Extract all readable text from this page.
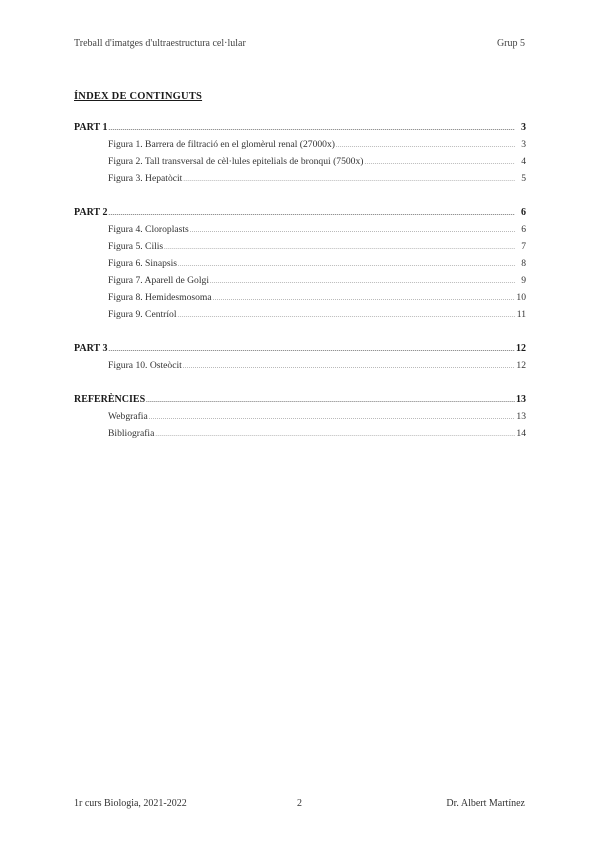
Treball d'imatges d'ultraestructura cel·lular	Grup 5
ÍNDEX DE CONTINGUTS
PART 1 .....	3
Figura 1. Barrera de filtració en el glomèrul renal (27000x) .....	3
Figura 2. Tall transversal de cèl·lules epitelials de bronqui (7500x) .....	4
Figura 3. Hepatòcit .....	5
PART 2 .....	6
Figura 4. Cloroplasts .....	6
Figura 5. Cilis .....	7
Figura 6. Sinapsis .....	8
Figura 7. Aparell de Golgi .....	9
Figura 8. Hemidesmosoma .....	10
Figura 9. Centríol .....	11
PART 3 .....	12
Figura 10. Osteòcit .....	12
REFERÈNCIES .....	13
Webgrafia .....	13
Bibliografia .....	14
1r curs Biologia, 2021-2022	2	Dr. Albert Martínez
